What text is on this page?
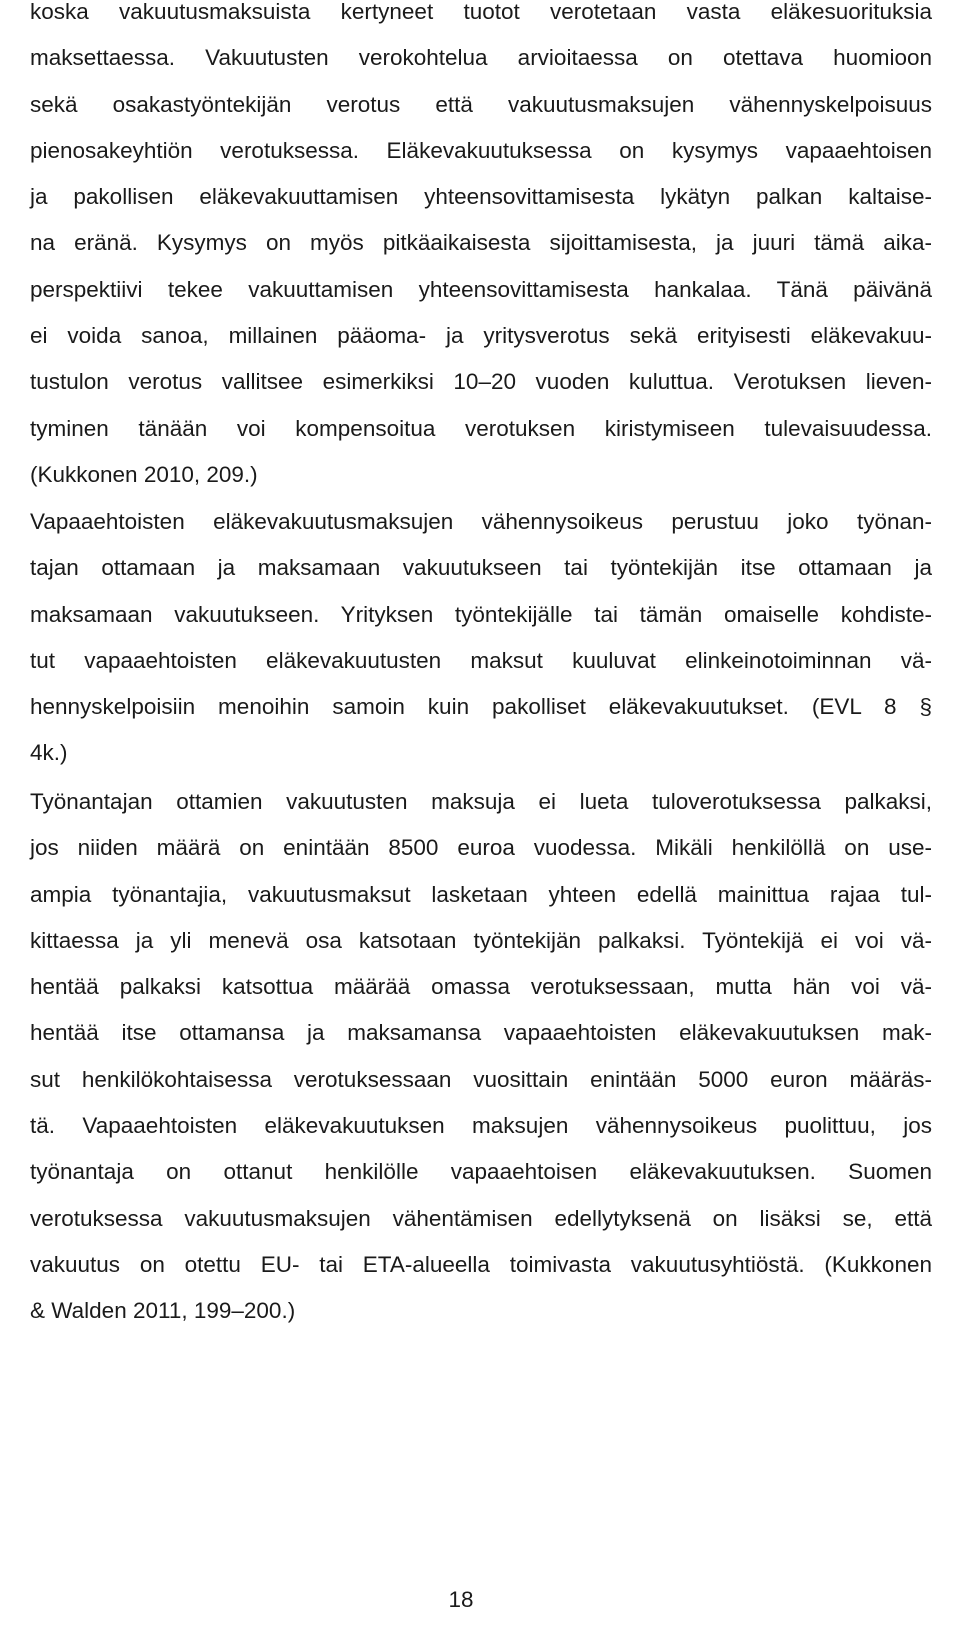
koska vakuutusmaksuista kertyneet tuotot verotetaan vasta eläkesuorituksia
maksettaessa. Vakuutusten verokohtelua arvioitaessa on otettava huomioon
sekä osakastyöntekijän verotus että vakuutusmaksujen vähennyskelpoisuus
pienosakeyhtiön verotuksessa. Eläkevakuutuksessa on kysymys vapaaehtoisen
ja pakollisen eläkevakuuttamisen yhteensovittamisesta lykätyn palkan kaltaise-
na eränä. Kysymys on myös pitkäaikaisesta sijoittamisesta, ja juuri tämä aika-
perspektiivi tekee vakuuttamisen yhteensovittamisesta hankalaa. Tänä päivänä
ei voida sanoa, millainen pääoma- ja yritysverotus sekä erityisesti eläkevakuu-
tustulon verotus vallitsee esimerkiksi 10–20 vuoden kuluttua. Verotuksen lieven-
tyminen tänään voi kompensoitua verotuksen kiristymiseen tulevaisuudessa.
(Kukkonen 2010, 209.)

Vapaaehtoisten eläkevakuutusmaksujen vähennysoikeus perustuu joko työnan-
tajan ottamaan ja maksamaan vakuutukseen tai työntekijän itse ottamaan ja
maksamaan vakuutukseen. Yrityksen työntekijälle tai tämän omaiselle kohdiste-
tut vapaaehtoisten eläkevakuutusten maksut kuuluvat elinkeinotoiminnan vä-
hennyskelpoisiin menoihin samoin kuin pakolliset eläkevakuutukset. (EVL 8 §
4k.)

Työnantajan ottamien vakuutusten maksuja ei lueta tuloverotuksessa palkaksi,
jos niiden määrä on enintään 8500 euroa vuodessa. Mikäli henkilöllä on use-
ampia työnantajia, vakuutusmaksut lasketaan yhteen edellä mainittua rajaa tul-
kittaessa ja yli menevä osa katsotaan työntekijän palkaksi. Työntekijä ei voi vä-
hentää palkaksi katsottua määrää omassa verotuksessaan, mutta hän voi vä-
hentää itse ottamansa ja maksamansa vapaaehtoisten eläkevakuutuksen mak-
sut henkilökohtaisessa verotuksessaan vuosittain enintään 5000 euron määräs-
tä. Vapaaehtoisten eläkevakuutuksen maksujen vähennysoikeus puolittuu, jos
työnantaja on ottanut henkilölle vapaaehtoisen eläkevakuutuksen. Suomen
verotuksessa vakuutusmaksujen vähentämisen edellytyksenä on lisäksi se, että
vakuutus on otettu EU- tai ETA-alueella toimivasta vakuutusyhtiöstä. (Kukkonen
& Walden 2011, 199–200.)

18
